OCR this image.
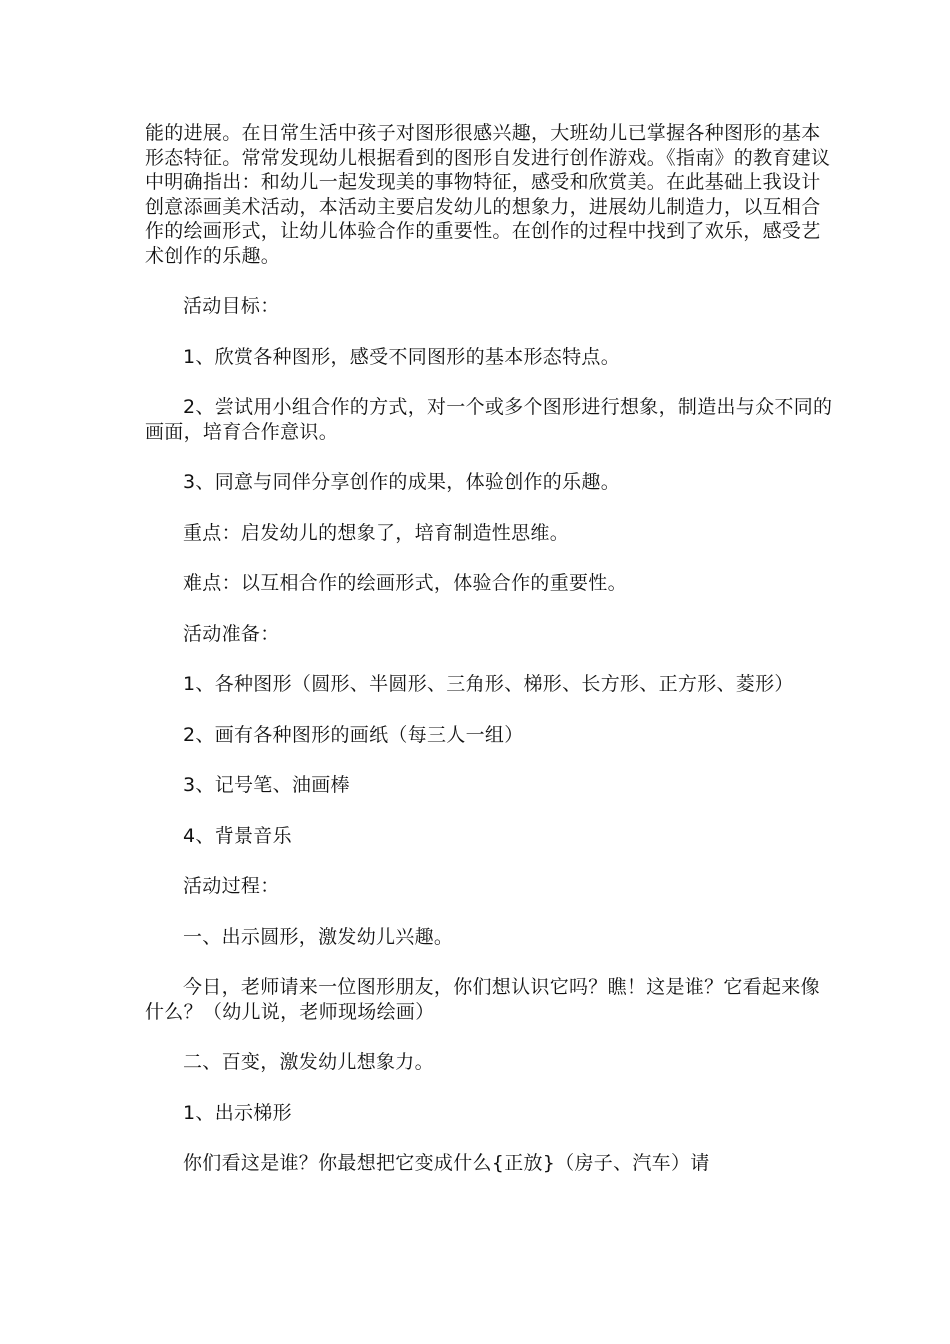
能的进展。在日常生活中孩子对图形很感兴趣，大班幼儿已掌握各种图形的基本形态特征。常常发现幼儿根据看到的图形自发进行创作游戏。《指南》的教育建议中明确指出：和幼儿一起发现美的事物特征，感受和欣赏美。在此基础上我设计创意添画美术活动，本活动主要启发幼儿的想象力，进展幼儿制造力，以互相合作的绘画形式，让幼儿体验合作的重要性。在创作的过程中找到了欢乐，感受艺术创作的乐趣。

活动目标：

1、欣赏各种图形，感受不同图形的基本形态特点。

2、尝试用小组合作的方式，对一个或多个图形进行想象，制造出与众不同的画面，培育合作意识。

3、同意与同伴分享创作的成果，体验创作的乐趣。

重点：启发幼儿的想象了，培育制造性思维。

难点：以互相合作的绘画形式，体验合作的重要性。

活动准备：

1、各种图形（圆形、半圆形、三角形、梯形、长方形、正方形、菱形）

2、画有各种图形的画纸（每三人一组）

3、记号笔、油画棒

4、背景音乐

活动过程：

一、出示圆形，激发幼儿兴趣。

今日，老师请来一位图形朋友，你们想认识它吗？瞧！这是谁？它看起来像什么？（幼儿说，老师现场绘画）

二、百变，激发幼儿想象力。

1、出示梯形

你们看这是谁？你最想把它变成什么{正放}（房子、汽车）请
